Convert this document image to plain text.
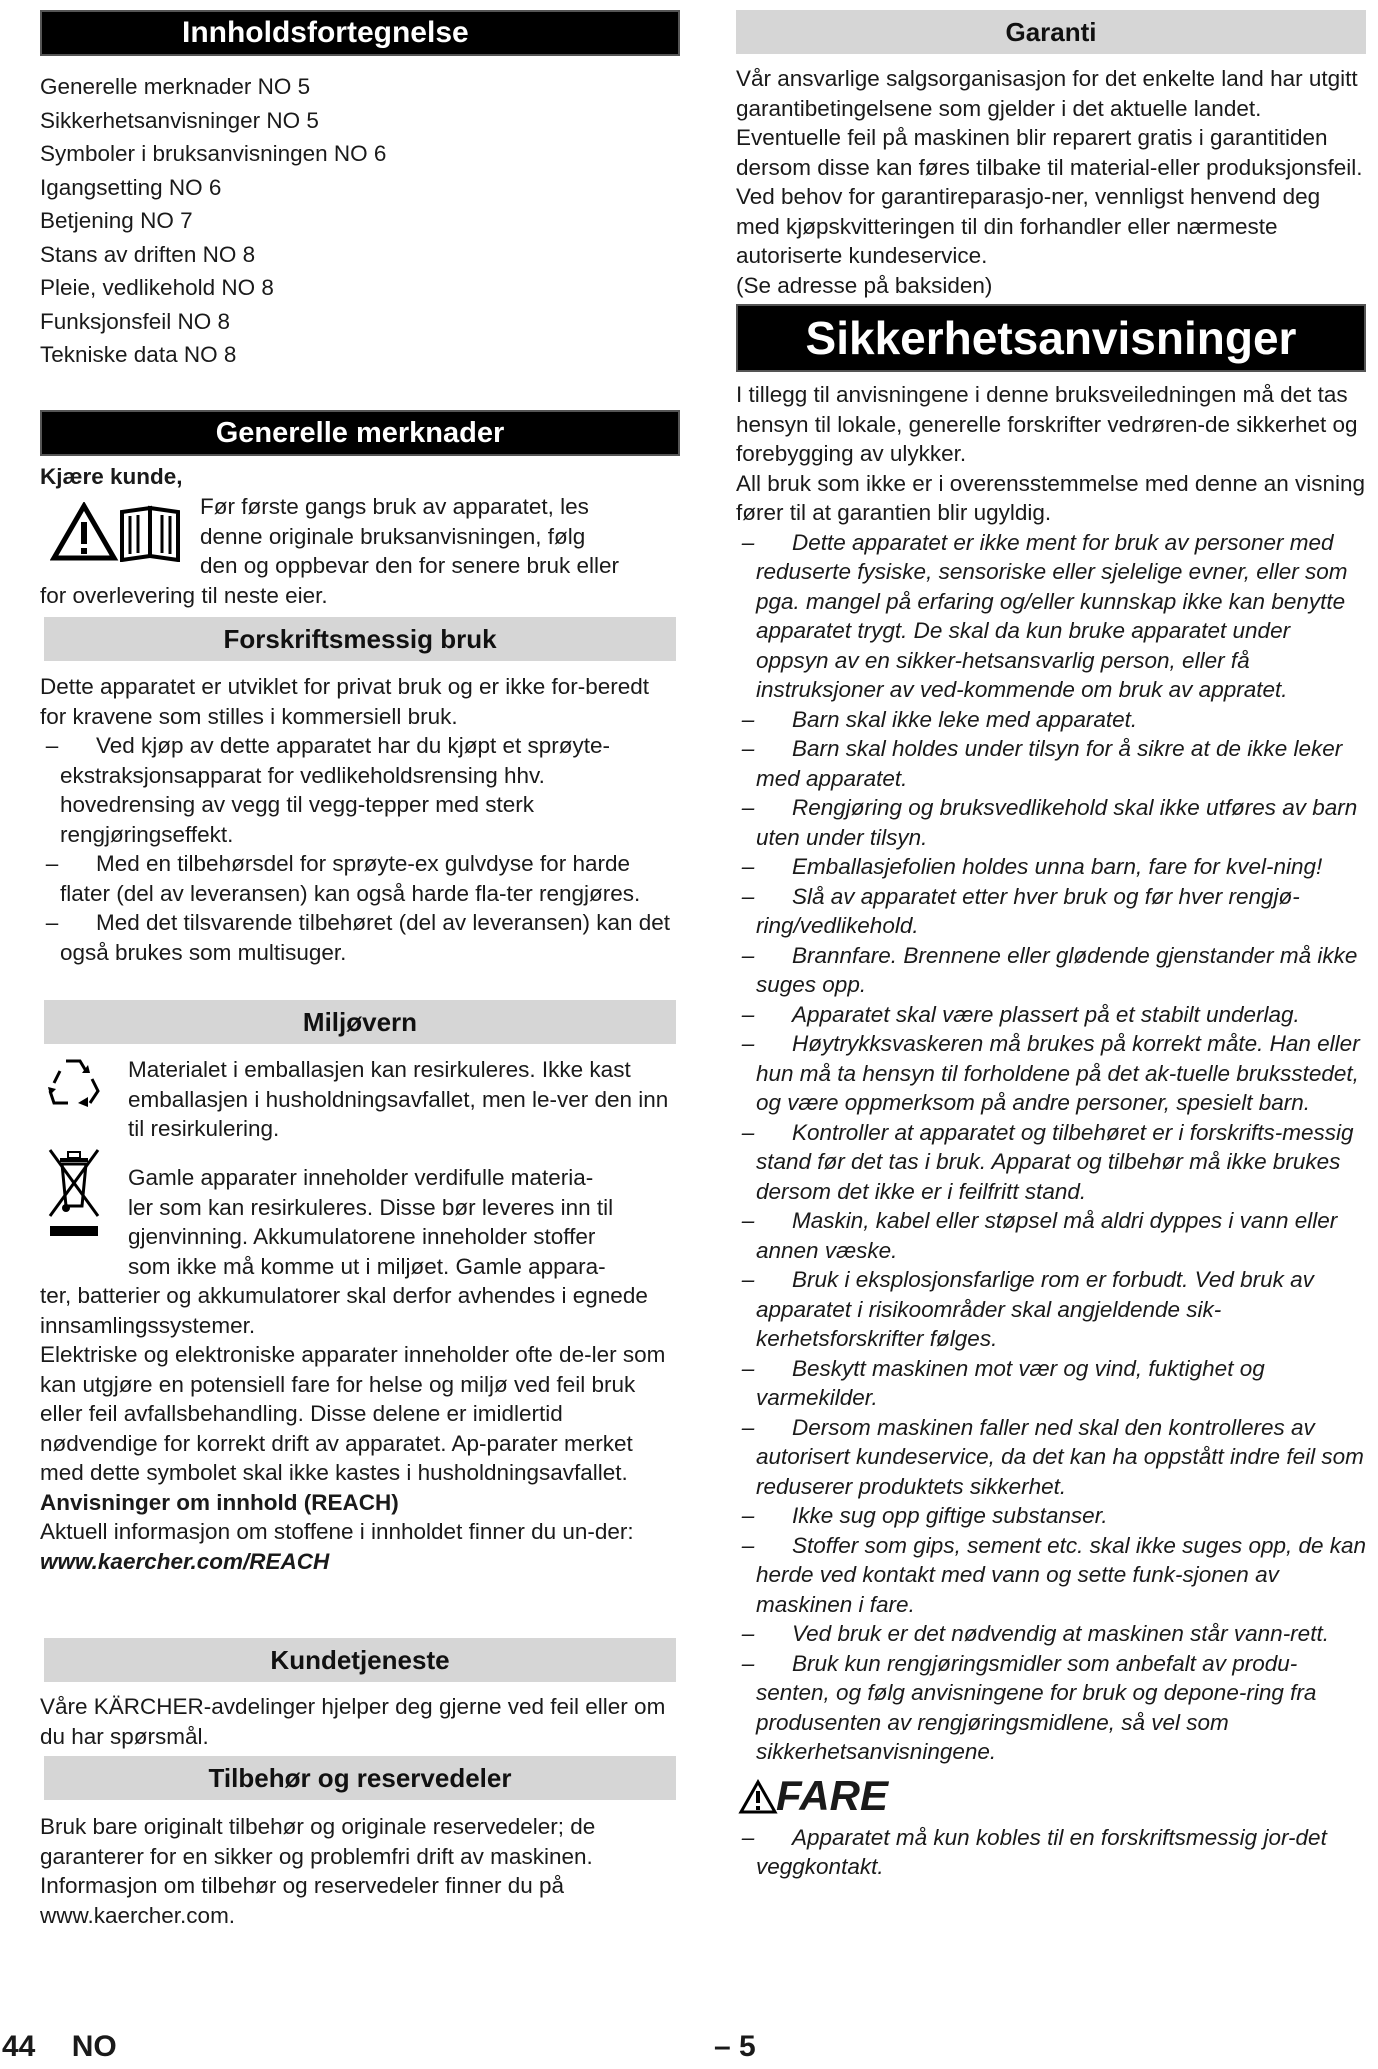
Innholdsfortegnelse

Generelle merknader NO 5

Sikkerhetsanvisninger NO 5

Symboler i bruksanvisningen NO 6

Igangsetting NO 6

Betjening NO 7

Stans av driften NO 8

Pleie, vedlikehold NO 8

Funksjonsfeil NO 8

Tekniske data NO 8

Generelle merknader

Kjære kunde,

Før første gangs bruk av apparatet, les

denne originale bruksanvisningen, følg

den og oppbevar den for senere bruk eller

for overlevering til neste eier.

Forskriftsmessig bruk

Dette apparatet er utviklet for privat bruk og er ikke for-beredt for kravene som stilles i kommersiell bruk.

–	Ved kjøp av dette apparatet har du kjøpt et sprøyte-ekstraksjonsapparat for vedlikeholdsrensing hhv. hovedrensing av vegg til vegg-tepper med sterk rengjøringseffekt.
–	Med en tilbehørsdel for sprøyte-ex gulvdyse for harde flater (del av leveransen) kan også harde fla-ter rengjøres.
–	Med det tilsvarende tilbehøret (del av leveransen) kan det også brukes som multisuger.
Miljøvern

Materialet i emballasjen kan resirkuleres. Ikke kast emballasjen i husholdningsavfallet, men le-ver den inn til resirkulering.

Gamle apparater inneholder verdifulle materia-

ler som kan resirkuleres. Disse bør leveres inn til

gjenvinning. Akkumulatorene inneholder stoffer

som ikke må komme ut i miljøet. Gamle appara-

ter, batterier og akkumulatorer skal derfor avhendes i egnede innsamlingssystemer.

Elektriske og elektroniske apparater inneholder ofte de-ler som kan utgjøre en potensiell fare for helse og miljø ved feil bruk eller feil avfallsbehandling. Disse delene er imidlertid nødvendige for korrekt drift av apparatet. Ap-parater merket med dette symbolet skal ikke kastes i husholdningsavfallet.

Anvisninger om innhold (REACH)

Aktuell informasjon om stoffene i innholdet finner du un-der:

www.kaercher.com/REACH

Kundetjeneste

Våre KÄRCHER-avdelinger hjelper deg gjerne ved feil eller om du har spørsmål.

Tilbehør og reservedeler

Bruk bare originalt tilbehør og originale reservedeler; de garanterer for en sikker og problemfri drift av maskinen. Informasjon om tilbehør og reservedeler finner du på www.kaercher.com.

Garanti

Vår ansvarlige salgsorganisasjon for det enkelte land har utgitt garantibetingelsene som gjelder i det aktuelle landet. Eventuelle feil på maskinen blir reparert gratis i garantitiden dersom disse kan føres tilbake til material-eller produksjonsfeil. Ved behov for garantireparasjo-ner, vennligst henvend deg med kjøpskvitteringen til din forhandler eller nærmeste autoriserte kundeservice.

(Se adresse på baksiden)

Sikkerhetsanvisninger

I tillegg til anvisningene i denne bruksveiledningen må det tas hensyn til lokale, generelle forskrifter vedrøren-de sikkerhet og forebygging av ulykker.

All bruk som ikke er i overensstemmelse med denne an visning fører til at garantien blir ugyldig.

–	Dette apparatet er ikke ment for bruk av personer med reduserte fysiske, sensoriske eller sjelelige evner, eller som pga. mangel på erfaring og/eller kunnskap ikke kan benytte apparatet trygt. De skal da kun bruke apparatet under oppsyn av en sikker-hetsansvarlig person, eller få instruksjoner av ved-kommende om bruk av appratet.
–	Barn skal ikke leke med apparatet.
–	Barn skal holdes under tilsyn for å sikre at de ikke leker med apparatet.
–	Rengjøring og bruksvedlikehold skal ikke utføres av barn uten under tilsyn.
–	Emballasjefolien holdes unna barn, fare for kvel-ning!
–	Slå av apparatet etter hver bruk og før hver rengjø-ring/vedlikehold.
–	Brannfare. Brennene eller glødende gjenstander må ikke suges opp.
–	Apparatet skal være plassert på et stabilt underlag.
–	Høytrykksvaskeren må brukes på korrekt måte. Han eller hun må ta hensyn til forholdene på det ak-tuelle bruksstedet, og være oppmerksom på andre personer, spesielt barn.
–	Kontroller at apparatet og tilbehøret er i forskrifts-messig stand før det tas i bruk. Apparat og tilbehør må ikke brukes dersom det ikke er i feilfritt stand.
–	Maskin, kabel eller støpsel må aldri dyppes i vann eller annen væske.
–	Bruk i eksplosjonsfarlige rom er forbudt. Ved bruk av apparatet i risikoområder skal angjeldende sik-kerhetsforskrifter følges.
–	Beskytt maskinen mot vær og vind, fuktighet og varmekilder.
–	Dersom maskinen faller ned skal den kontrolleres av autorisert kundeservice, da det kan ha oppstått indre feil som reduserer produktets sikkerhet.
–	Ikke sug opp giftige substanser.
–	Stoffer som gips, sement etc. skal ikke suges opp, de kan herde ved kontakt med vann og sette funk-sjonen av maskinen i fare.
–	Ved bruk er det nødvendig at maskinen står vann-rett.
–	Bruk kun rengjøringsmidler som anbefalt av produ-senten, og følg anvisningene for bruk og depone-ring fra produsenten av rengjøringsmidlene, så vel som sikkerhetsanvisningene.
FARE
–	Apparatet må kun kobles til en forskriftsmessig jor-det veggkontakt.
44 NO	– 5
